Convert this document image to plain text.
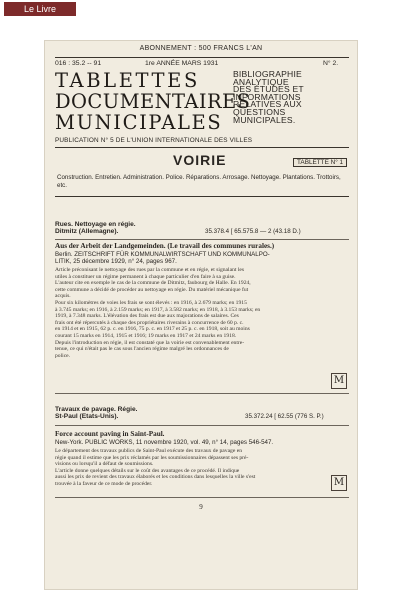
Le Livre
ABONNEMENT : 500 FRANCS L'AN
016 : 35.2 -- 91	1re ANNÉE MARS 1931	N° 2.
TABLETTES
DOCUMENTAIRES
MUNICIPALES
BIBLIOGRAPHIE
ANALYTIQUE
DES ÉTUDES ET
INFORMATIONS
RELATIVES AUX
QUESTIONS
MUNICIPALES.
PUBLICATION N° 5 DE L'UNION INTERNATIONALE DES VILLES
VOIRIE	TABLETTE N° 1
Construction. Entretien. Administration. Police. Réparations. Arrosage. Nettoyage. Plantations. Trottoirs, etc.
Rues. Nettoyage en régie.
Ditmitz (Allemagne).	35.378.4 [ 65.575.8 — 2 (43.18 D.)
Aus der Arbeit der Landgemeinden. (Le travail des communes rurales.)
Berlin. ZEITSCHRIFT FÜR KOMMUNALWIRTSCHAFT UND KOMMUNALPO-
LITIK, 25 décembre 1929, n° 24, pages 967.
Article préconisant le nettoyage des rues par la commune et en régie, et signalant les
utiles à constituer un régime permanent à chaque particulier d'en faire à sa guise.
L'auteur cite en exemple le cas de la commune de Ditmitz, faubourg de Halle. En 1924,
cette commune a décidé de procéder au nettoyage en régie. Du matériel mécanique fut
acquis.
Pour six kilomètres de voies les frais se sont élevés : en 1916, à 2.679 marks; en 1915
à 3.745 marks; en 1916, à 2.159 marks; en 1917, à 3.582 marks; en 1918, à 3.153 marks; en
1919, à 7.348 marks. L'élévation des frais est due aux majorations de salaires. Ces
frais ont été répercutés à chaque des propriétaires riverains à concurrence de 60 p. c.
en 1914 et en 1915, 62 p. c. en 1916, 75 p. c. en 1917 et 25 p. c. en 1918, soit au moins
courant 15 marks en 1914, 1915 et 1916; 19 marks en 1917 et 24 marks en 1918.
Depuis l'introduction en régie, il est constaté que la voirie est convenablement entre-
tenue, ce qui n'était pas le cas sous l'ancien régime malgré les ordonnances de
police.
M
Travaux de pavage. Régie.
St-Paul (Etats-Unis).	35.372.24 [ 62.55 (776 S. P.)
Force account paving in Saint-Paul.
New-York. PUBLIC WORKS, 11 novembre 1920, vol. 49, n° 14, pages 546-547.
Le département des travaux publics de Saint-Paul exécute des travaux de pavage en
régie quand il estime que les prix réclamés par les soumissionnaires dépassent ses pré-
visions ou lorsqu'il a défaut de soumissions.
L'article donne quelques détails sur le coût des avantages de ce procédé. Il indique
aussi les prix de revient des travaux élaborés et les conditions dans lesquelles la ville s'est
trouvée à la faveur de ce mode de procéder.	M
9
